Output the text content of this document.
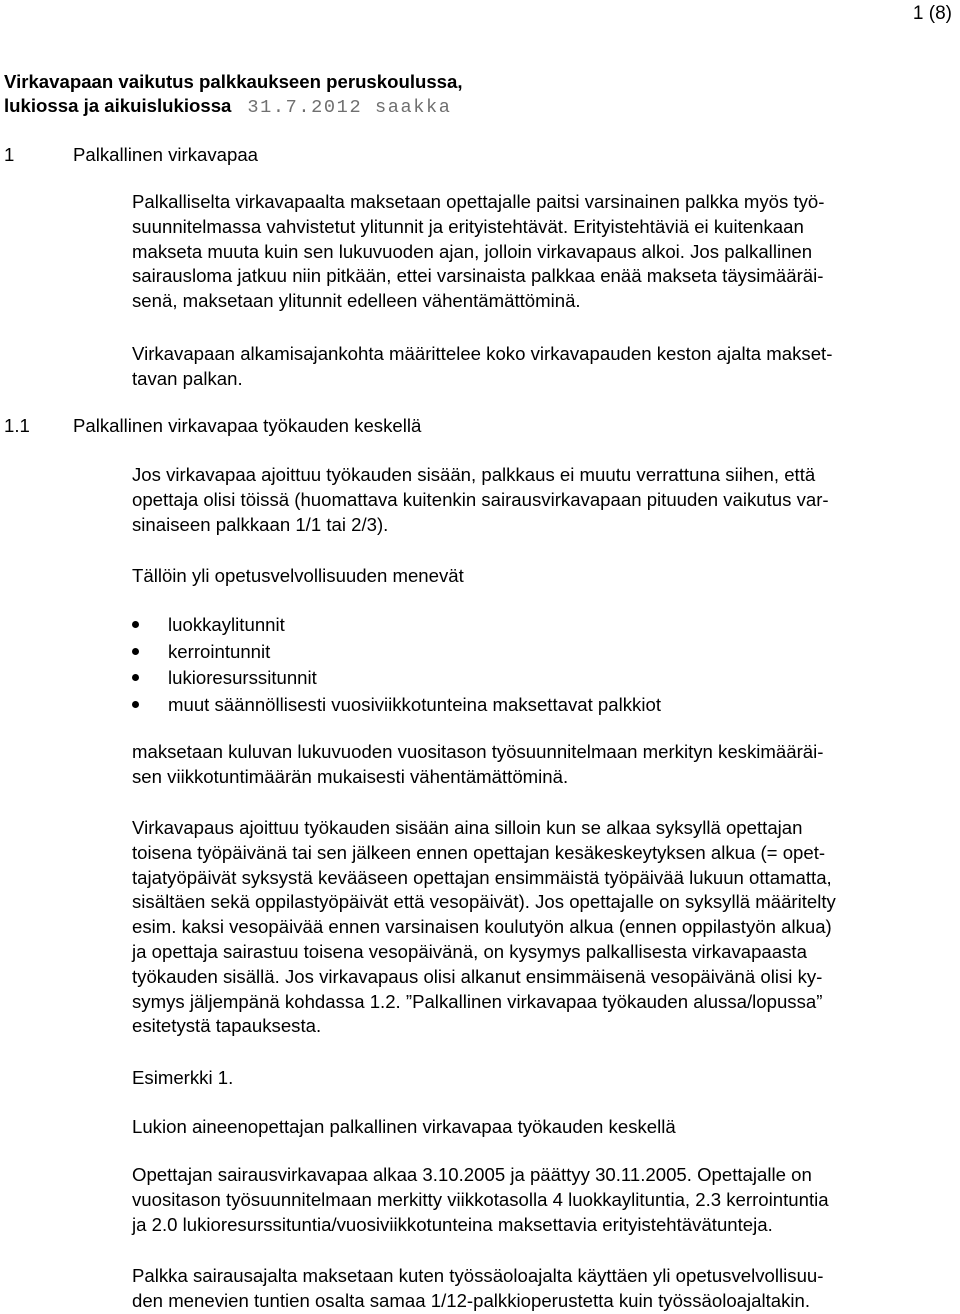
1 (8)
Virkavapaan vaikutus palkkaukseen peruskoulussa,
lukiossa ja aikuislukiossa 31.7.2012 saakka
1	Palkallinen virkavapaa

Palkalliselta virkavapaalta maksetaan opettajalle paitsi varsinainen palkka myös työ-

suunnitelmassa vahvistetut ylitunnit ja erityistehtävät. Erityistehtäviä ei kuitenkaan

makseta muuta kuin sen lukuvuoden ajan, jolloin virkavapaus alkoi. Jos palkallinen

sairausloma jatkuu niin pitkään, ettei varsinaista palkkaa enää makseta täysimääräi-

senä, maksetaan ylitunnit edelleen vähentämättöminä.

Virkavapaan alkamisajankohta määrittelee koko virkavapauden keston ajalta makset-

tavan palkan.

1.1 Palkallinen virkavapaa työkauden keskellä

Jos virkavapaa ajoittuu työkauden sisään, palkkaus ei muutu verrattuna siihen, että

opettaja olisi töissä (huomattava kuitenkin sairausvirkavapaan pituuden vaikutus var-

sinaiseen palkkaan 1/1 tai 2/3).

Tällöin yli opetusvelvollisuuden menevät
luokkaylitunnit
kerrointunnit
lukioresurssitunnit
muut säännöllisesti vuosiviikkotunteina maksettavat palkkiot

maksetaan kuluvan lukuvuoden vuositason työsuunnitelmaan merkityn keskimääräi-

sen viikkotuntimäärän mukaisesti vähentämättöminä.

Virkavapaus ajoittuu työkauden sisään aina silloin kun se alkaa syksyllä opettajan

toisena työpäivänä tai sen jälkeen ennen opettajan kesäkeskeytyksen alkua (= opet-

tajatyöpäivät syksystä kevääseen opettajan ensimmäistä työpäivää lukuun ottamatta,

sisältäen sekä oppilastyöpäivät että vesopäivät). Jos opettajalle on syksyllä määritelty

esim. kaksi vesopäivää ennen varsinaisen koulutyön alkua (ennen oppilastyön alkua)

ja opettaja sairastuu toisena vesopäivänä, on kysymys palkallisesta virkavapaasta

työkauden sisällä. Jos virkavapaus olisi alkanut ensimmäisenä vesopäivänä olisi ky-

symys jäljempänä kohdassa 1.2. ”Palkallinen virkavapaa työkauden alussa/lopussa”

esitetystä tapauksesta.

Esimerkki 1.
Lukion aineenopettajan palkallinen virkavapaa työkauden keskellä

Opettajan sairausvirkavapaa alkaa 3.10.2005 ja päättyy 30.11.2005. Opettajalle on

vuositason työsuunnitelmaan merkitty viikkotasolla 4 luokkaylituntia, 2.3 kerrointuntia

ja 2.0 lukioresurssituntia/vuosiviikkotunteina maksettavia erityistehtävätunteja.

Palkka sairausajalta maksetaan kuten työssäoloajalta käyttäen yli opetusvelvollisuu-

den menevien tuntien osalta samaa 1/12-palkkioperustetta kuin työssäoloajaltakin.
